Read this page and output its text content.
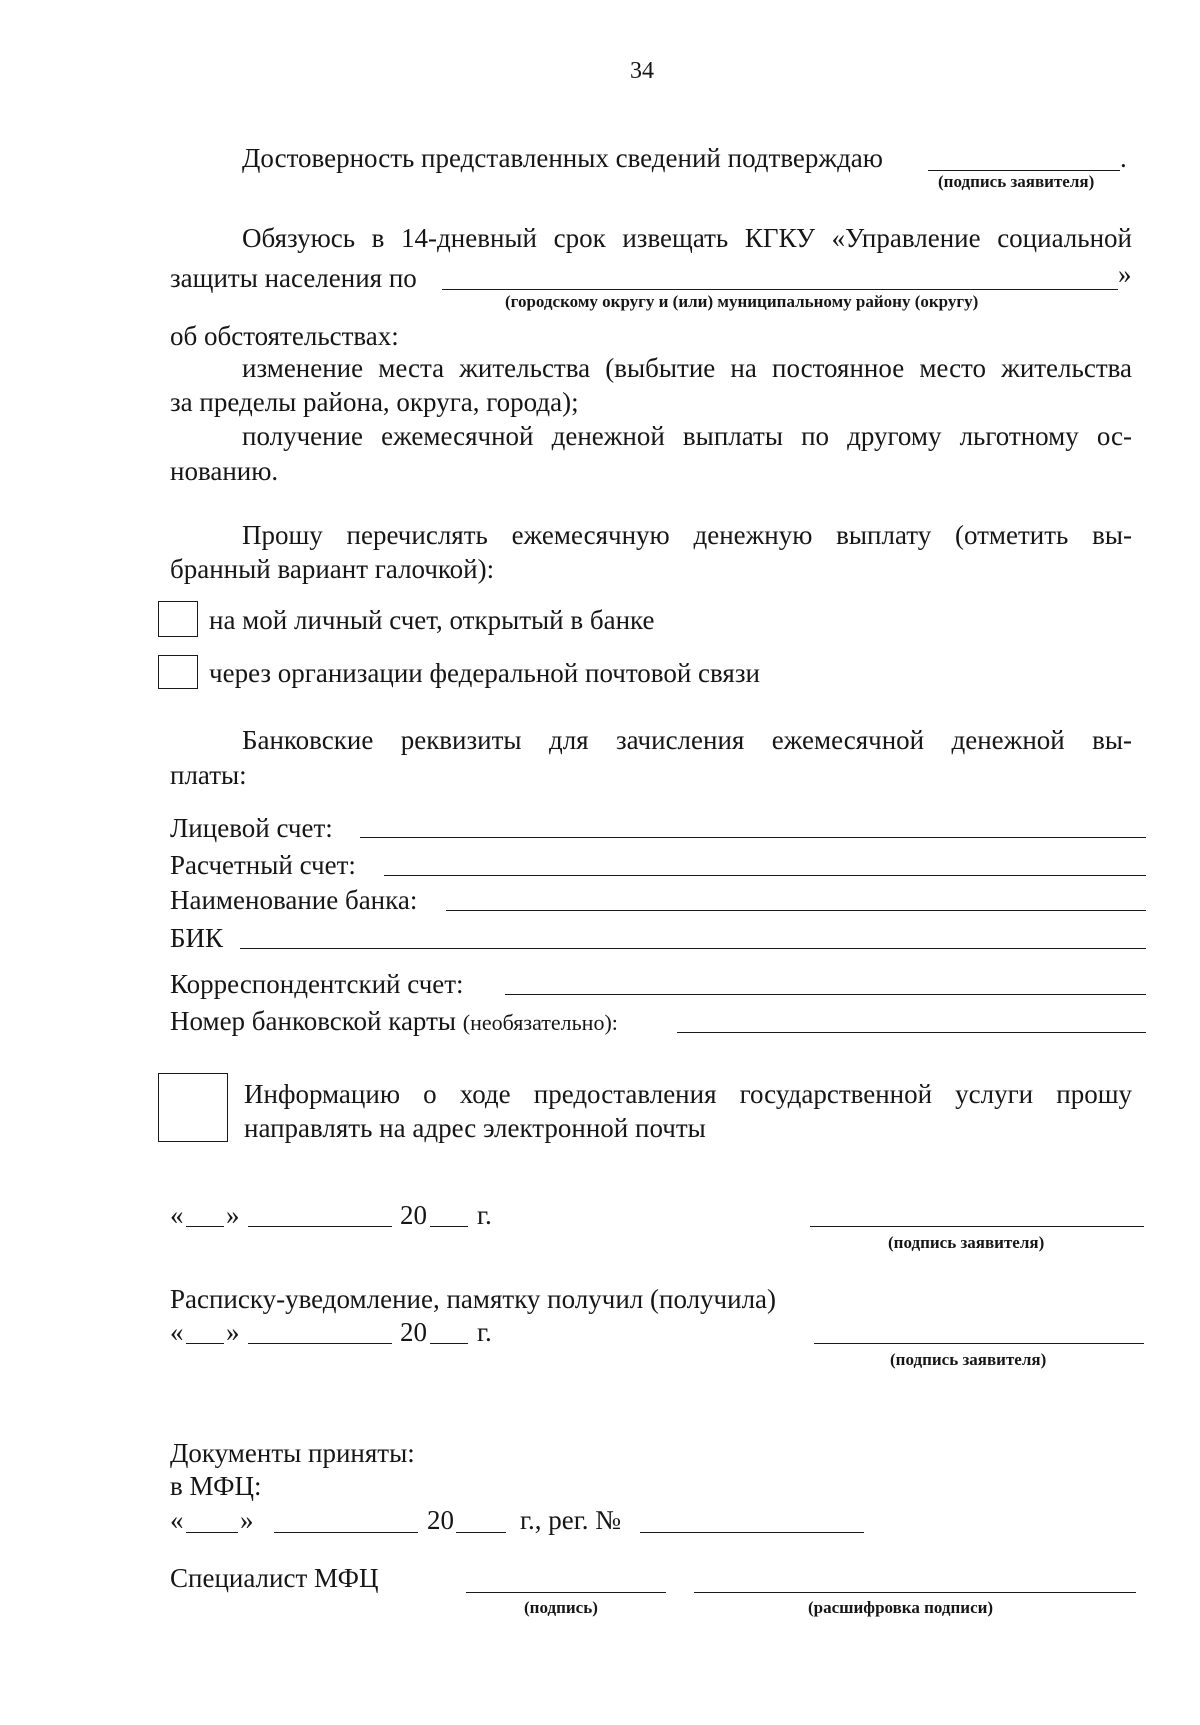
34
Достоверность представленных сведений подтверждаю	.
(подпись заявителя)
Обязуюсь в 14-дневный срок извещать КГКУ «Управление социальной
защиты населения по	»
(городскому округу и (или) муниципальному району (округу)
об обстоятельствах:
изменение места жительства (выбытие на постоянное место жительства
за пределы района, округа, города);
получение ежемесячной денежной выплаты по другому льготному ос-
нованию.
Прошу перечислять ежемесячную денежную выплату (отметить вы-
бранный вариант галочкой):
на мой личный счет, открытый в банке
через организации федеральной почтовой связи
Банковские реквизиты для зачисления ежемесячной денежной вы-
платы:
Лицевой счет:
Расчетный счет:
Наименование банка:
БИК
Корреспондентский счет:
Номер банковской карты (необязательно):
Информацию о ходе предоставления государственной услуги прошу
направлять на адрес электронной почты
« »	20 г.
(подпись заявителя)
Расписку-уведомление, памятку получил (получила)
« »	20 г.
(подпись заявителя)
Документы приняты:
в МФЦ:
« »	20 г., рег. №
Специалист МФЦ
(подпись)	(расшифровка подписи)
